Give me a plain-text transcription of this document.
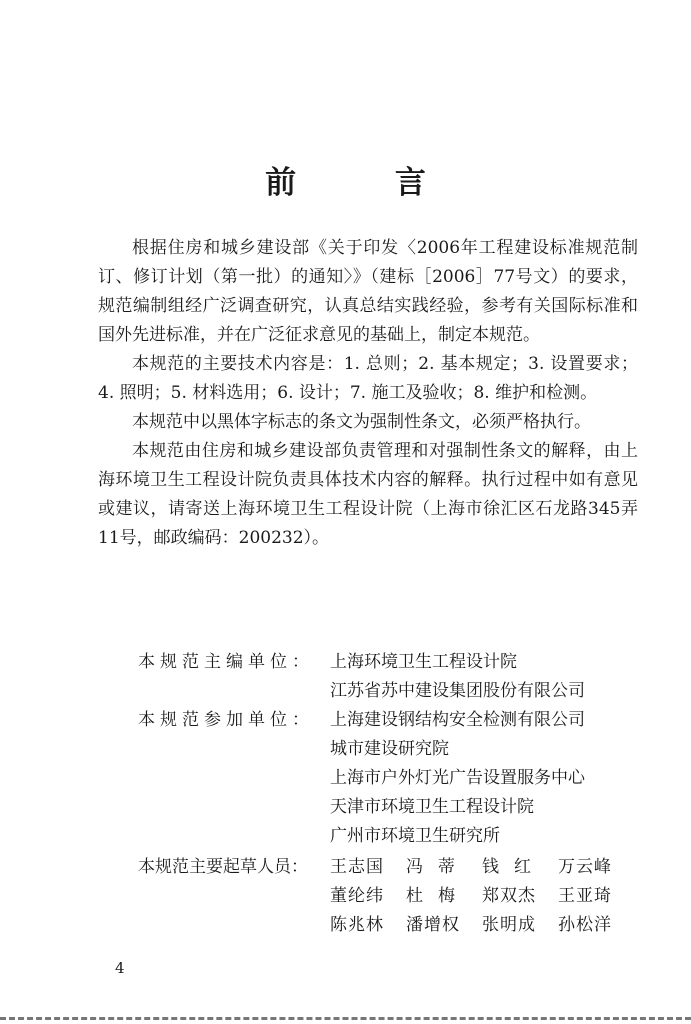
前 言

根据住房和城乡建设部《关于印发〈2006年工程建设标准规范制订、修订计划（第一批）的通知〉》（建标［2006］77号文）的要求，规范编制组经广泛调查研究，认真总结实践经验，参考有关国际标准和国外先进标准，并在广泛征求意见的基础上，制定本规范。

本规范的主要技术内容是：1. 总则；2. 基本规定；3. 设置要求；4. 照明；5. 材料选用；6. 设计；7. 施工及验收；8. 维护和检测。

本规范中以黑体字标志的条文为强制性条文，必须严格执行。

本规范由住房和城乡建设部负责管理和对强制性条文的解释，由上海环境卫生工程设计院负责具体技术内容的解释。执行过程中如有意见或建议，请寄送上海环境卫生工程设计院（上海市徐汇区石龙路345弄11号，邮政编码：200232）。

本规范主编单位： 上海环境卫生工程设计院
江苏省苏中建设集团股份有限公司
本规范参加单位： 上海建设钢结构安全检测有限公司
城市建设研究院
上海市户外灯光广告设置服务中心
天津市环境卫生工程设计院
广州市环境卫生研究所
本规范主要起草人员：	王志国	冯蒂 钱红 万云峰
董纶纬	杜梅 郑双杰	王亚琦
陈兆林	潘增权	张明成	孙松洋
4
